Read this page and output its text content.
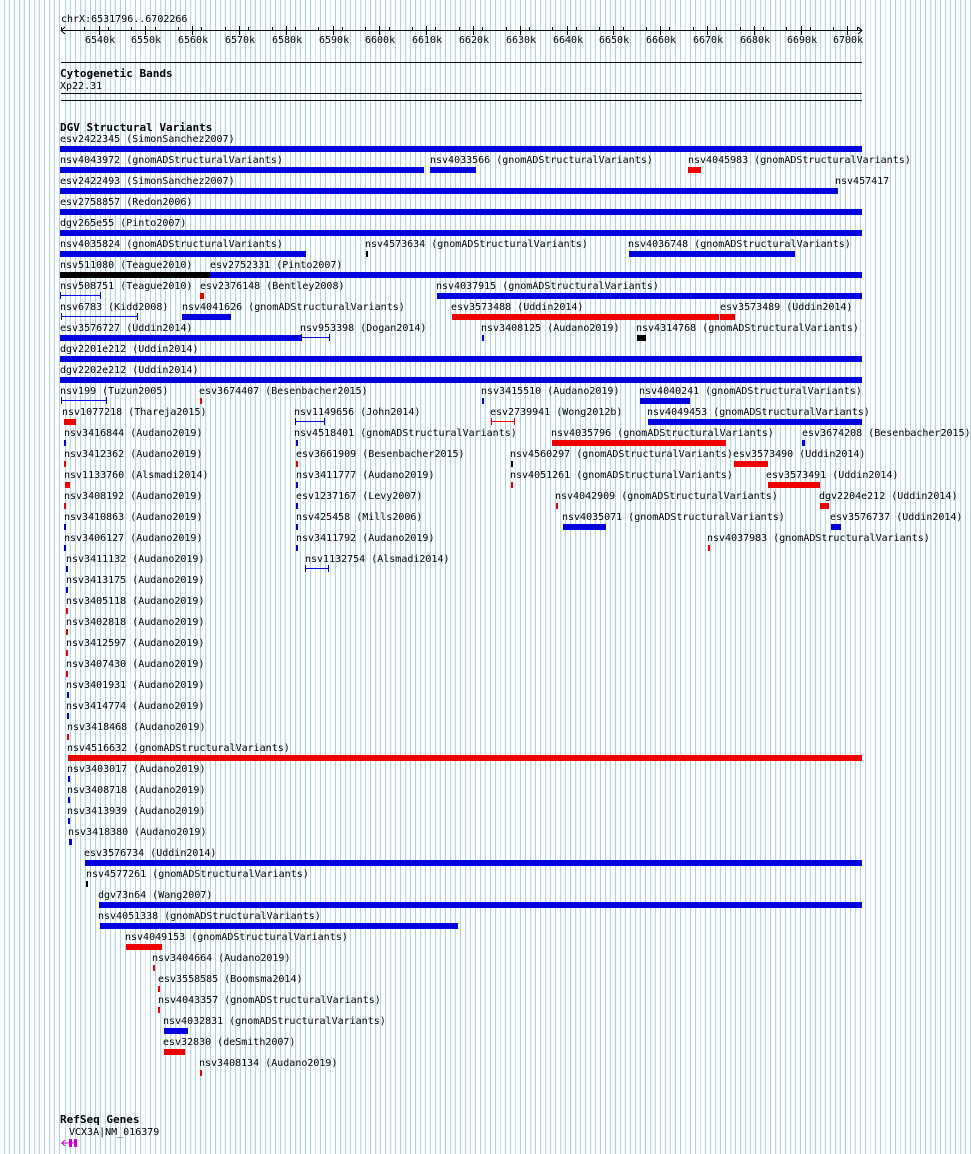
chrX:6531796..6702266
6540k 6550k 6560k 6570k 6580k 6590k 6600k 6610k 6620k 6630k 6640k 6650k 6660k 6670k 6680k 6690k 6700k
Cytogenetic Bands
Xp22.31
DGV Structural Variants
RefSeq Genes
VCX3A|NM_016379
esv2422345 (SimonSanchez2007)
nsv4043972 (gnomADStructuralVariants)	nsv4033566 (gnomADStructuralVariants)	nsv4045983 (gnomADStructuralVariants)
esv2422493 (SimonSanchez2007)	nsv457417
esv2758857 (Redon2006)
dgv265e55 (Pinto2007)
nsv4035824 (gnomADStructuralVariants)	nsv4573634 (gnomADStructuralVariants)	nsv4036748 (gnomADStructuralVariants)
nsv511080 (Teague2010) esv2752331 (Pinto2007)
nsv508751 (Teague2010) esv2376148 (Bentley2008)	nsv4037915 (gnomADStructuralVariants)
nsv6783 (Kidd2008) nsv4041626 (gnomADStructuralVariants)	esv3573488 (Uddin2014)	esv3573489 (Uddin2014)
esv3576727 (Uddin2014)	nsv953398 (Dogan2014)	nsv3408125 (Audano2019) nsv4314768 (gnomADStructuralVariants)
dgv2201e212 (Uddin2014)
dgv2202e212 (Uddin2014)
nsv199 (Tuzun2005)	esv3674407 (Besenbacher2015)	nsv3415510 (Audano2019) nsv4040241 (gnomADStructuralVariants)
nsv1077218 (Thareja2015)	nsv1149656 (John2014)	esv2739941 (Wong2012b) nsv4049453 (gnomADStructuralVariants)
nsv3416844 (Audano2019)	nsv4518401 (gnomADStructuralVariants)	nsv4035796 (gnomADStructuralVariants)	esv3674208 (Besenbacher2015)
nsv3412362 (Audano2019)	esv3661909 (Besenbacher2015)	nsv4560297 (gnomADStructuralVariants) esv3573490 (Uddin2014)
nsv1133760 (Alsmadi2014)	nsv3411777 (Audano2019)	nsv4051261 (gnomADStructuralVariants)	esv3573491 (Uddin2014)
nsv3408192 (Audano2019)	esv1237167 (Levy2007)	nsv4042909 (gnomADStructuralVariants)	dgv2204e212 (Uddin2014)
nsv3410863 (Audano2019)	nsv425458 (Mills2006)	nsv4035071 (gnomADStructuralVariants)	esv3576737 (Uddin2014)
nsv3406127 (Audano2019)	nsv3411792 (Audano2019)	nsv4037983 (gnomADStructuralVariants)
nsv3411132 (Audano2019)	nsv1132754 (Alsmadi2014)
nsv3413175 (Audano2019)
nsv3405118 (Audano2019)
nsv3402818 (Audano2019)
nsv3412597 (Audano2019)
nsv3407430 (Audano2019)
nsv3401931 (Audano2019)
nsv3414774 (Audano2019)
nsv3418468 (Audano2019)
nsv4516632 (gnomADStructuralVariants)
nsv3403017 (Audano2019)
nsv3408718 (Audano2019)
nsv3413939 (Audano2019)
nsv3418380 (Audano2019)
esv3576734 (Uddin2014)
nsv4577261 (gnomADStructuralVariants)
dgv73n64 (Wang2007)
nsv4051338 (gnomADStructuralVariants)
nsv4049153 (gnomADStructuralVariants)
nsv3404664 (Audano2019)
esv3558585 (Boomsma2014)
nsv4043357 (gnomADStructuralVariants)
nsv4032831 (gnomADStructuralVariants)
esv32830 (deSmith2007)
nsv3408134 (Audano2019)
